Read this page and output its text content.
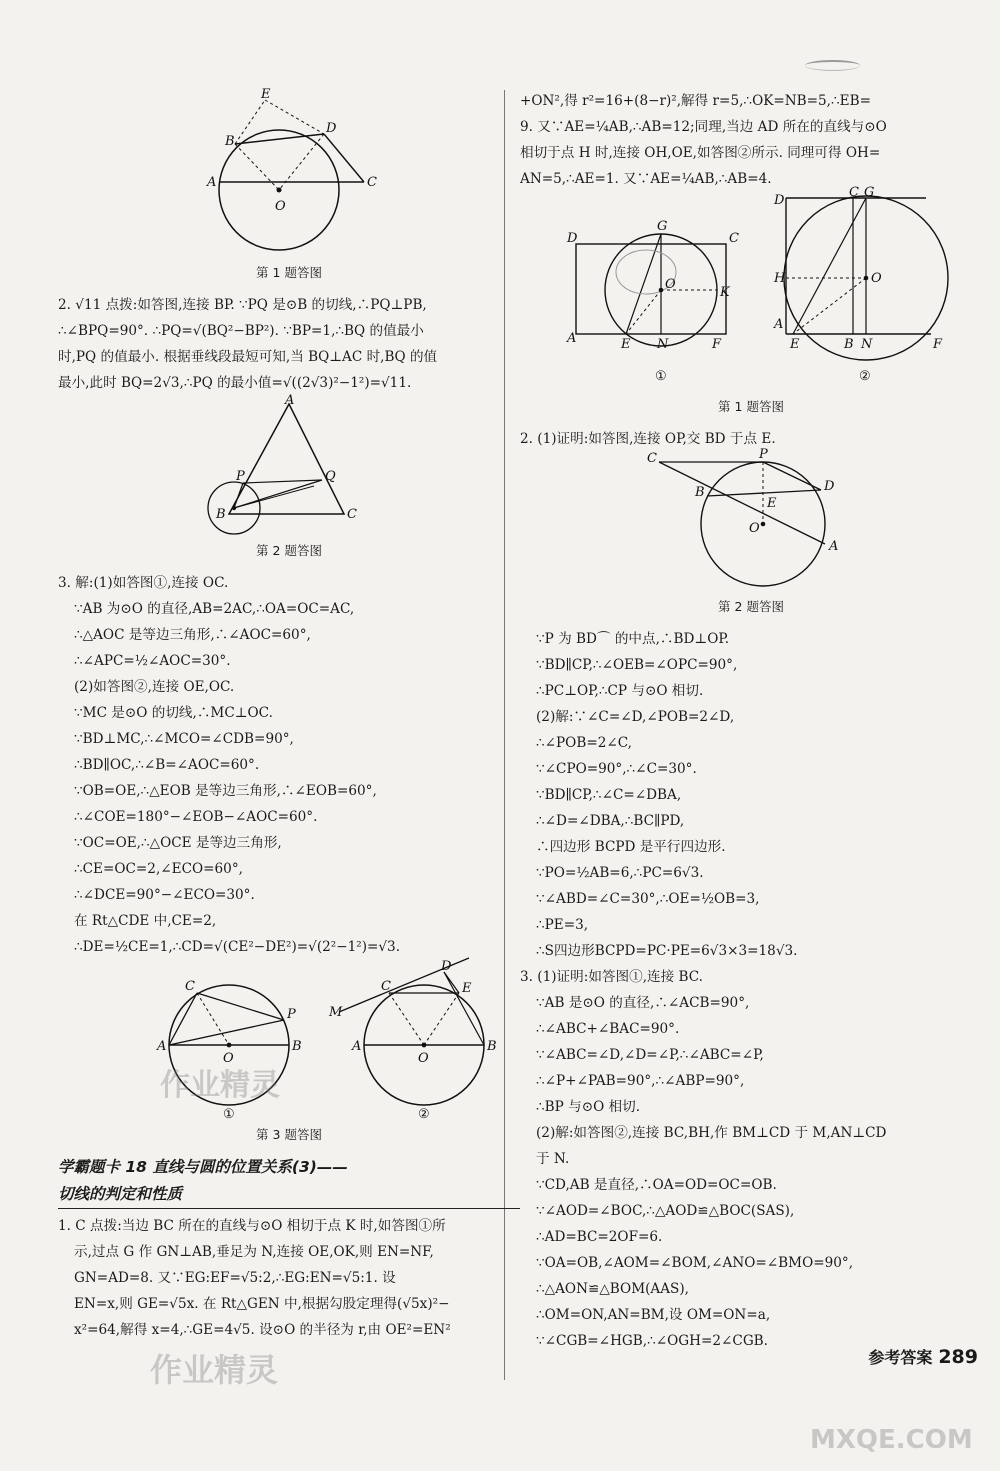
E
B
D
A	C
O
第 1 题答图
2. √11 点拨:如答图,连接 BP. ∵PQ 是⊙B 的切线,∴PQ⊥PB,
∴∠BPQ=90°. ∴PQ=√(BQ²−BP²). ∵BP=1,∴BQ 的值最小
时,PQ 的值最小. 根据垂线段最短可知,当 BQ⊥AC 时,BQ 的值
最小,此时 BQ=2√3,∴PQ 的最小值=√((2√3)²−1²)=√11.
A
P	Q
B	C
第 2 题答图
3. 解:(1)如答图①,连接 OC.
∵AB 为⊙O 的直径,AB=2AC,∴OA=OC=AC,
∴△AOC 是等边三角形,∴∠AOC=60°,
∴∠APC=½∠AOC=30°.
(2)如答图②,连接 OE,OC.
∵MC 是⊙O 的切线,∴MC⊥OC.
∵BD⊥MC,∴∠MCO=∠CDB=90°,
∴BD∥OC,∴∠B=∠AOC=60°.
∵OB=OE,∴△EOB 是等边三角形,∴∠EOB=60°,
∴∠COE=180°−∠EOB−∠AOC=60°.
∵OC=OE,∴△OCE 是等边三角形,
∴CE=OC=2,∠ECO=60°,
∴∠DCE=90°−∠ECO=30°.
在 Rt△CDE 中,CE=2,
∴DE=½CE=1,∴CD=√(CE²−DE²)=√(2²−1²)=√3.
A
C
P
B
O
①
M
C
D
E
A	B
O
②
第 3 题答图
学霸题卡 18 直线与圆的位置关系(3)——
切线的判定和性质
1. C 点拨:当边 BC 所在的直线与⊙O 相切于点 K 时,如答图①所
示,过点 G 作 GN⊥AB,垂足为 N,连接 OE,OK,则 EN=NF,
GN=AD=8. 又∵EG:EF=√5:2,∴EG:EN=√5:1. 设
EN=x,则 GE=√5x. 在 Rt△GEN 中,根据勾股定理得(√5x)²−
x²=64,解得 x=4,∴GE=4√5. 设⊙O 的半径为 r,由 OE²=EN²
+ON²,得 r²=16+(8−r)²,解得 r=5,∴OK=NB=5,∴EB=
9. 又∵AE=¼AB,∴AB=12;同理,当边 AD 所在的直线与⊙O
相切于点 H 时,连接 OH,OE,如答图②所示. 同理可得 OH=
AN=5,∴AE=1. 又∵AE=¼AB,∴AB=4.
D
G
C
O
K
A	E N	F
①
D
C G
H	O
A
E	B N	F
②
第 1 题答图
2. (1)证明:如答图,连接 OP,交 BD 于点 E.
C	P
D
B
E
O
A
第 2 题答图
∵P 为 BD⌒ 的中点,∴BD⊥OP.
∵BD∥CP,∴∠OEB=∠OPC=90°,
∴PC⊥OP,∴CP 与⊙O 相切.
(2)解:∵∠C=∠D,∠POB=2∠D,
∴∠POB=2∠C,
∵∠CPO=90°,∴∠C=30°.
∵BD∥CP,∴∠C=∠DBA,
∴∠D=∠DBA,∴BC∥PD,
∴四边形 BCPD 是平行四边形.
∵PO=½AB=6,∴PC=6√3.
∵∠ABD=∠C=30°,∴OE=½OB=3,
∴PE=3,
∴S四边形BCPD=PC·PE=6√3×3=18√3.
3. (1)证明:如答图①,连接 BC.
∵AB 是⊙O 的直径,∴∠ACB=90°,
∴∠ABC+∠BAC=90°.
∵∠ABC=∠D,∠D=∠P,∴∠ABC=∠P,
∴∠P+∠PAB=90°,∴∠ABP=90°,
∴BP 与⊙O 相切.
(2)解:如答图②,连接 BC,BH,作 BM⊥CD 于 M,AN⊥CD
于 N.
∵CD,AB 是直径,∴OA=OD=OC=OB.
∵∠AOD=∠BOC,∴△AOD≌△BOC(SAS),
∴AD=BC=2OF=6.
∵OA=OB,∠AOM=∠BOM,∠ANO=∠BMO=90°,
∴△AON≌△BOM(AAS),
∴OM=ON,AN=BM,设 OM=ON=a,
∵∠CGB=∠HGB,∴∠OGH=2∠CGB.
参考答案 289
作业精灵
作业精灵
MXQE.COM
